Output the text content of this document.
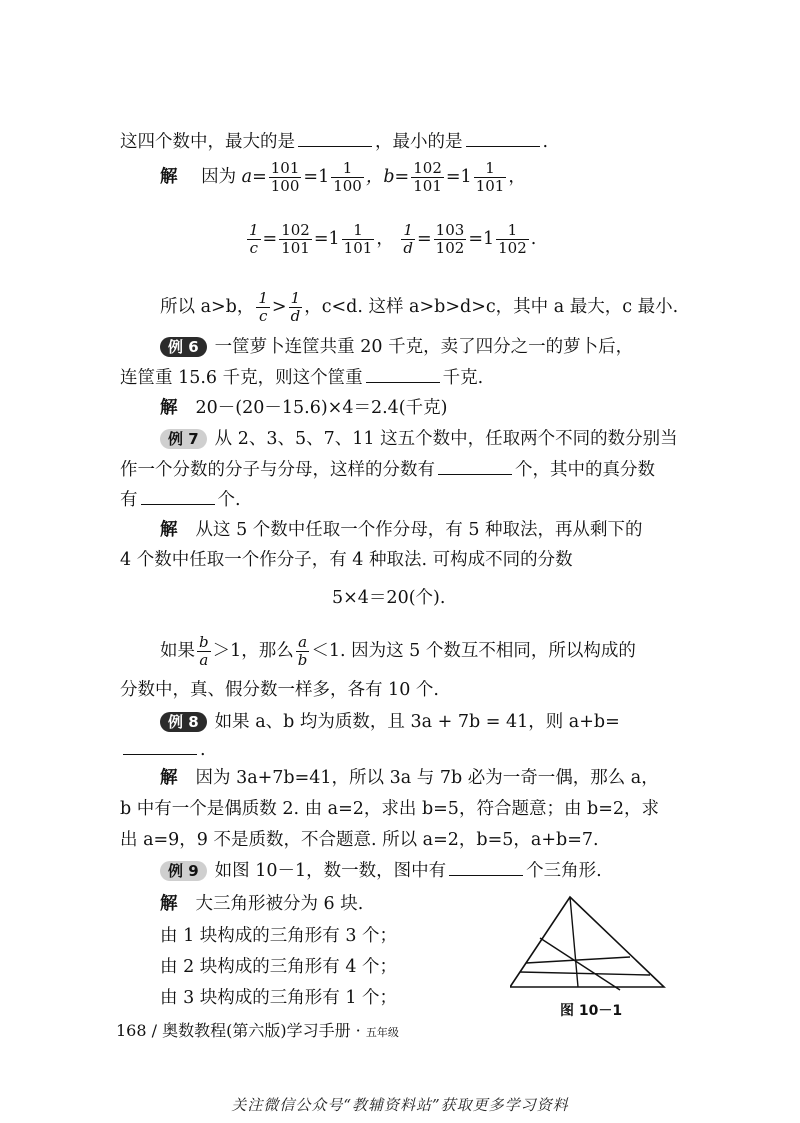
这四个数中，最大的是	，最小的是	.
解 因为 $a= \frac{101}{100} =1 \frac{1}{100}$ ，$b= \frac{102}{101} =1 \frac{1}{101}$ ，
$\frac{1}{c} = \frac{102}{101} =1 \frac{1}{101}$ ， $\frac{1}{d} = \frac{103}{102} =1 \frac{1}{102}$ .
所以 a>b， $\frac{1}{c} > \frac{1}{d}$ ，c<d. 这样 a>b>d>c，其中 a 最大，c 最小.
例 6 一筐萝卜连筐共重 20 千克，卖了四分之一的萝卜后，
连筐重 15.6 千克，则这个筐重	千克.
解 20－(20－15.6)×4＝2.4(千克)
例 7 从 2、3、5、7、11 这五个数中，任取两个不同的数分别当
作一个分数的分子与分母，这样的分数有	个，其中的真分数
有	个.
解 从这 5 个数中任取一个作分母，有 5 种取法，再从剩下的
4 个数中任取一个作分子，有 4 种取法. 可构成不同的分数
5×4＝20(个).
如果 $\frac{b}{a} >1$，那么 $\frac{a}{b} <1$. 因为这 5 个数互不相同，所以构成的
分数中，真、假分数一样多，各有 10 个.
例 8 如果 a、b 均为质数，且 3a + 7b = 41，则 a+b=
.
解 因为 3a+7b=41，所以 3a 与 7b 必为一奇一偶，那么 a，
b 中有一个是偶质数 2. 由 a=2，求出 b=5，符合题意；由 b=2，求
出 a=9，9 不是质数，不合题意. 所以 a=2，b=5，a+b=7.
例 9 如图 10－1，数一数，图中有	个三角形.
解 大三角形被分为 6 块.
由 1 块构成的三角形有 3 个；
由 2 块构成的三角形有 4 个；
由 3 块构成的三角形有 1 个；
图 10－1
168 / 奥数教程(第六版)学习手册 · 五年级
关注微信公众号“教辅资料站”获取更多学习资料
